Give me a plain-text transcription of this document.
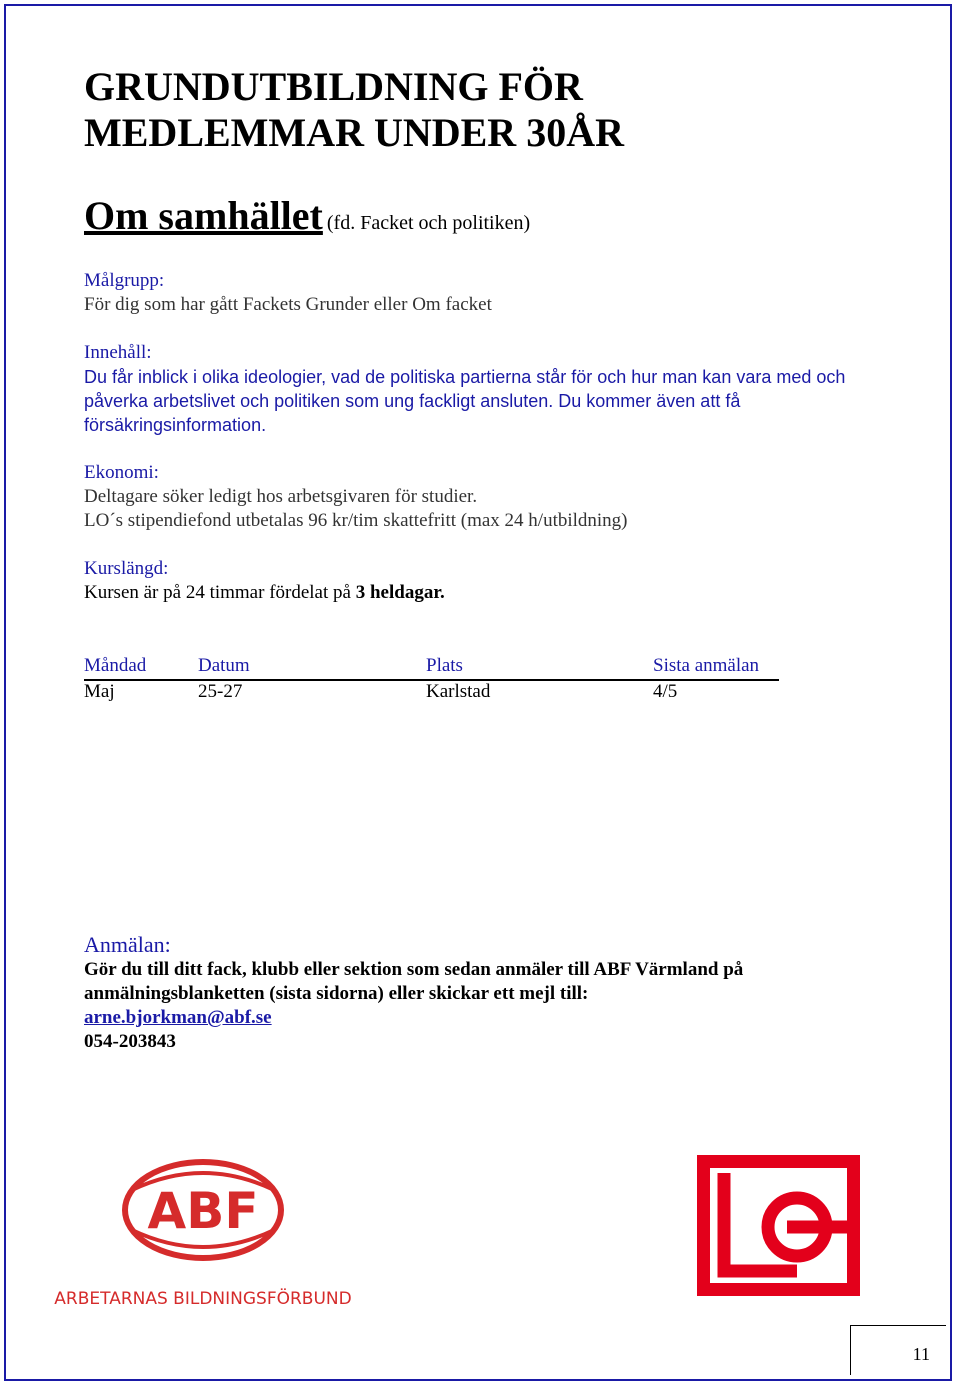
GRUNDUTBILDNING FÖR
MEDLEMMAR UNDER 30ÅR
Om samhället (fd. Facket och politiken)
Målgrupp:
För dig som har gått Fackets Grunder eller Om facket
Innehåll:
Du får inblick i olika ideologier, vad de politiska partierna står för och hur man kan vara med och påverka arbetslivet och politiken som ung fackligt ansluten. Du kommer även att få försäkringsinformation.
Ekonomi:
Deltagare söker ledigt hos arbetsgivaren för studier.
LO´s stipendiefond utbetalas 96 kr/tim skattefritt (max 24 h/utbildning)
Kurslängd:
Kursen är på 24 timmar fördelat på 3 heldagar.
Måndad	Datum	Plats	Sista anmälan
Maj	25-27	Karlstad	4/5
Anmälan:
Gör du till ditt fack, klubb eller sektion som sedan anmäler till ABF Värmland på
anmälningsblanketten (sista sidorna) eller skickar ett mejl till:
arne.bjorkman@abf.se
054-203843
ABF
ARBETARNAS BILDNINGSFÖRBUND
11
